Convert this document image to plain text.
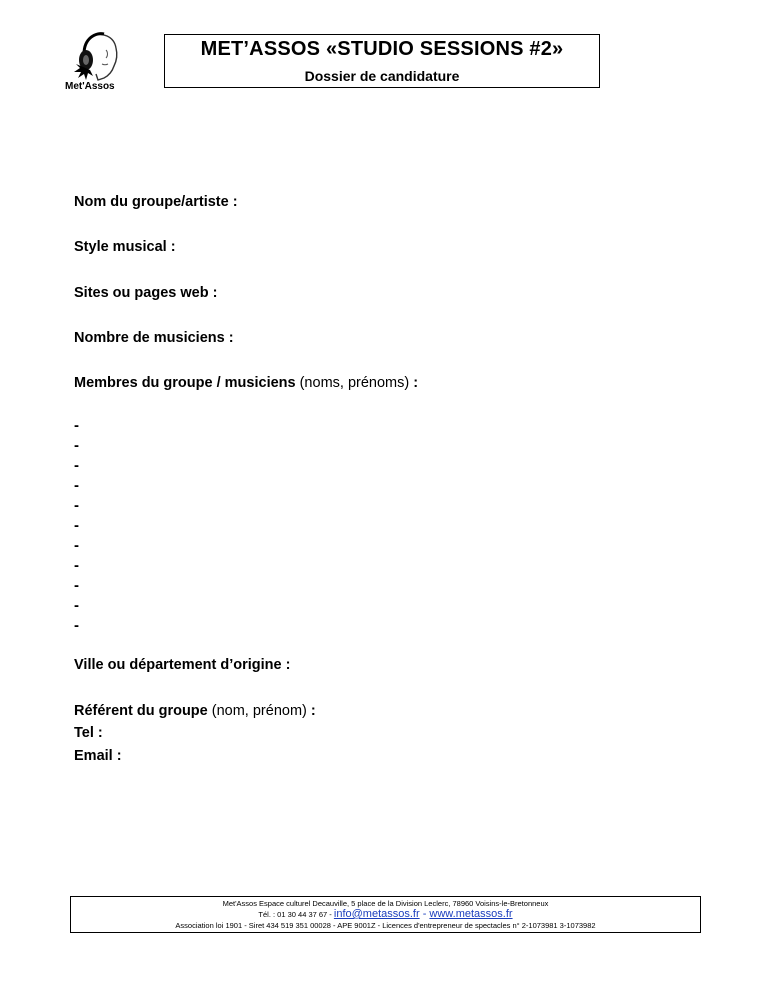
Met'Assos
MET’ASSOS «STUDIO SESSIONS #2»
Dossier de candidature
Nom du groupe/artiste :
Style musical :
Sites ou pages web :
Nombre de musiciens :
Membres du groupe / musiciens (noms, prénoms) :
-
-
-
-
-
-
-
-
-
-
-
Ville ou département d’origine :
Référent du groupe (nom, prénom) :
Tel :
Email :
Met'Assos Espace culturel Decauville, 5 place de la Division Leclerc, 78960 Voisins-le-Bretonneux
Tél. : 01 30 44 37 67 - info@metassos.fr - www.metassos.fr
Association loi 1901 - Siret 434 519 351 00028 - APE 9001Z - Licences d'entrepreneur de spectacles n° 2-1073981 3-1073982
